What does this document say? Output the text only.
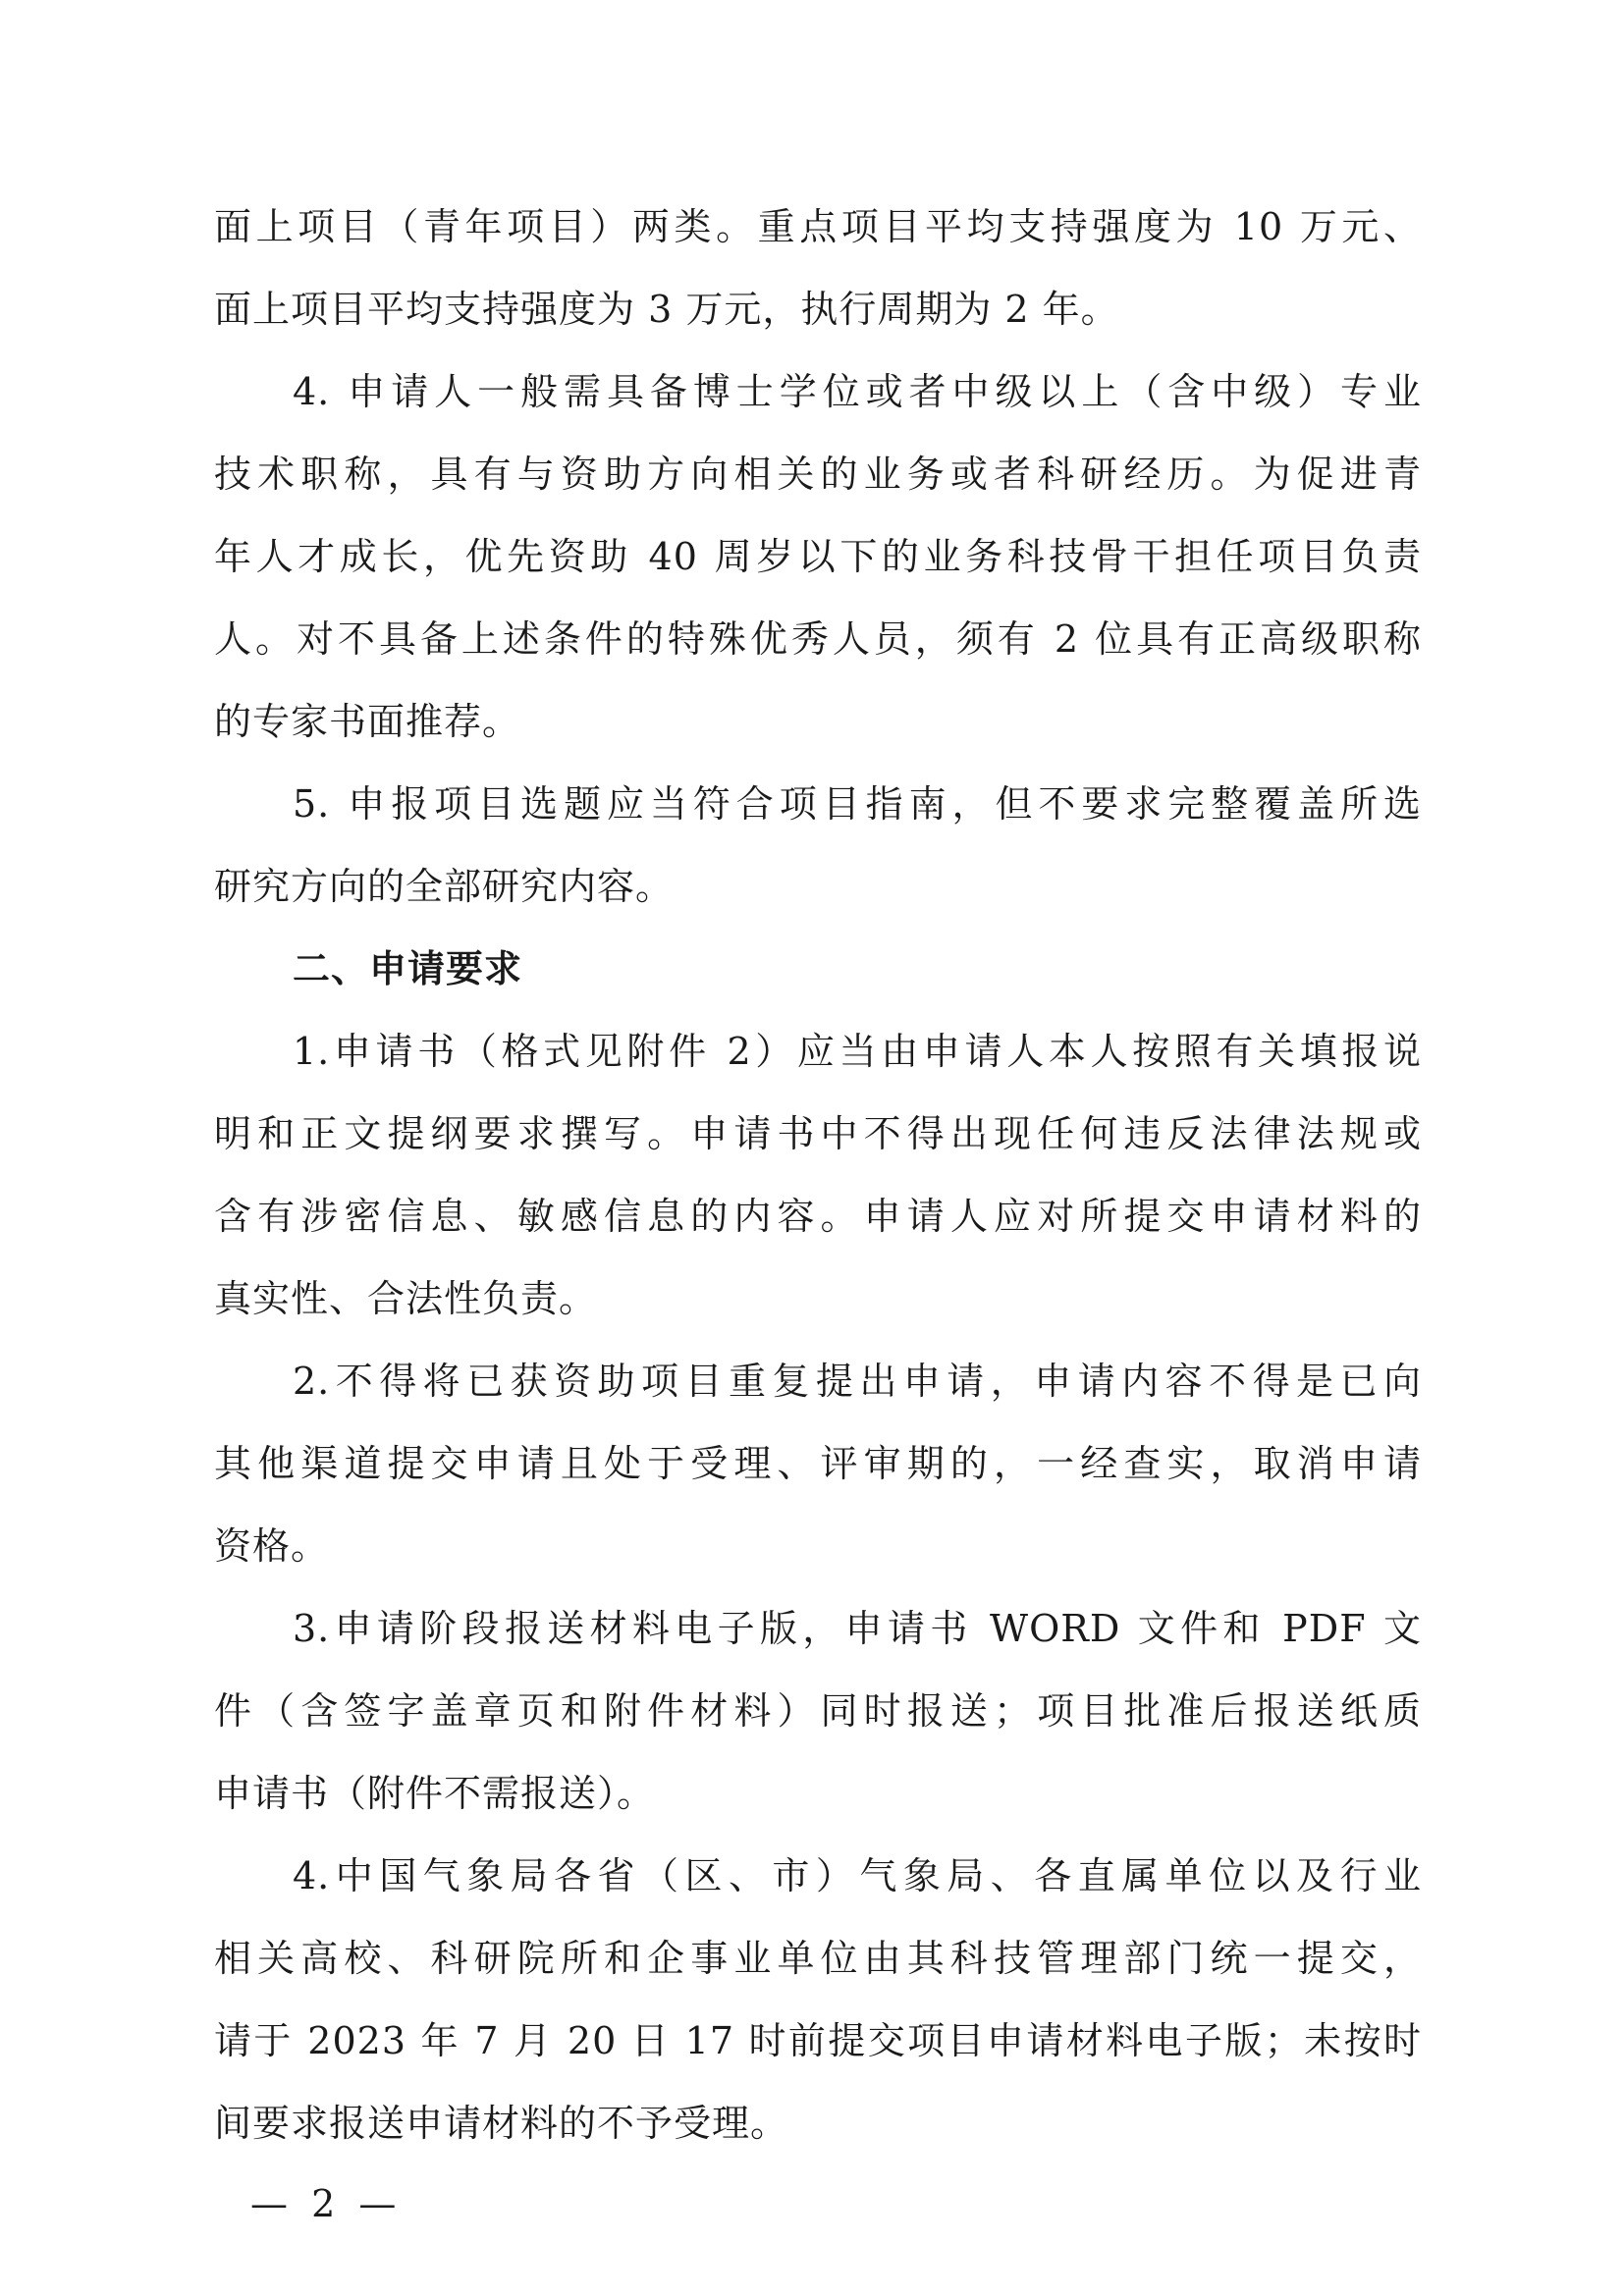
面上项目（青年项目）两类。重点项目平均支持强度为 10 万元、
面上项目平均支持强度为 3 万元，执行周期为 2 年。
4. 申请人一般需具备博士学位或者中级以上（含中级）专业
技术职称，具有与资助方向相关的业务或者科研经历。为促进青
年人才成长，优先资助 40 周岁以下的业务科技骨干担任项目负责
人。对不具备上述条件的特殊优秀人员，须有 2 位具有正高级职称
的专家书面推荐。
5. 申报项目选题应当符合项目指南，但不要求完整覆盖所选
研究方向的全部研究内容。
二、申请要求
1.申请书（格式见附件 2）应当由申请人本人按照有关填报说
明和正文提纲要求撰写。申请书中不得出现任何违反法律法规或
含有涉密信息、敏感信息的内容。申请人应对所提交申请材料的
真实性、合法性负责。
2.不得将已获资助项目重复提出申请，申请内容不得是已向
其他渠道提交申请且处于受理、评审期的，一经查实，取消申请
资格。
3.申请阶段报送材料电子版，申请书 WORD 文件和 PDF 文
件（含签字盖章页和附件材料）同时报送；项目批准后报送纸质
申请书（附件不需报送）。
4.中国气象局各省（区、市）气象局、各直属单位以及行业
相关高校、科研院所和企事业单位由其科技管理部门统一提交，
请于 2023 年 7 月 20 日 17 时前提交项目申请材料电子版；未按时
间要求报送申请材料的不予受理。
— 2 —
